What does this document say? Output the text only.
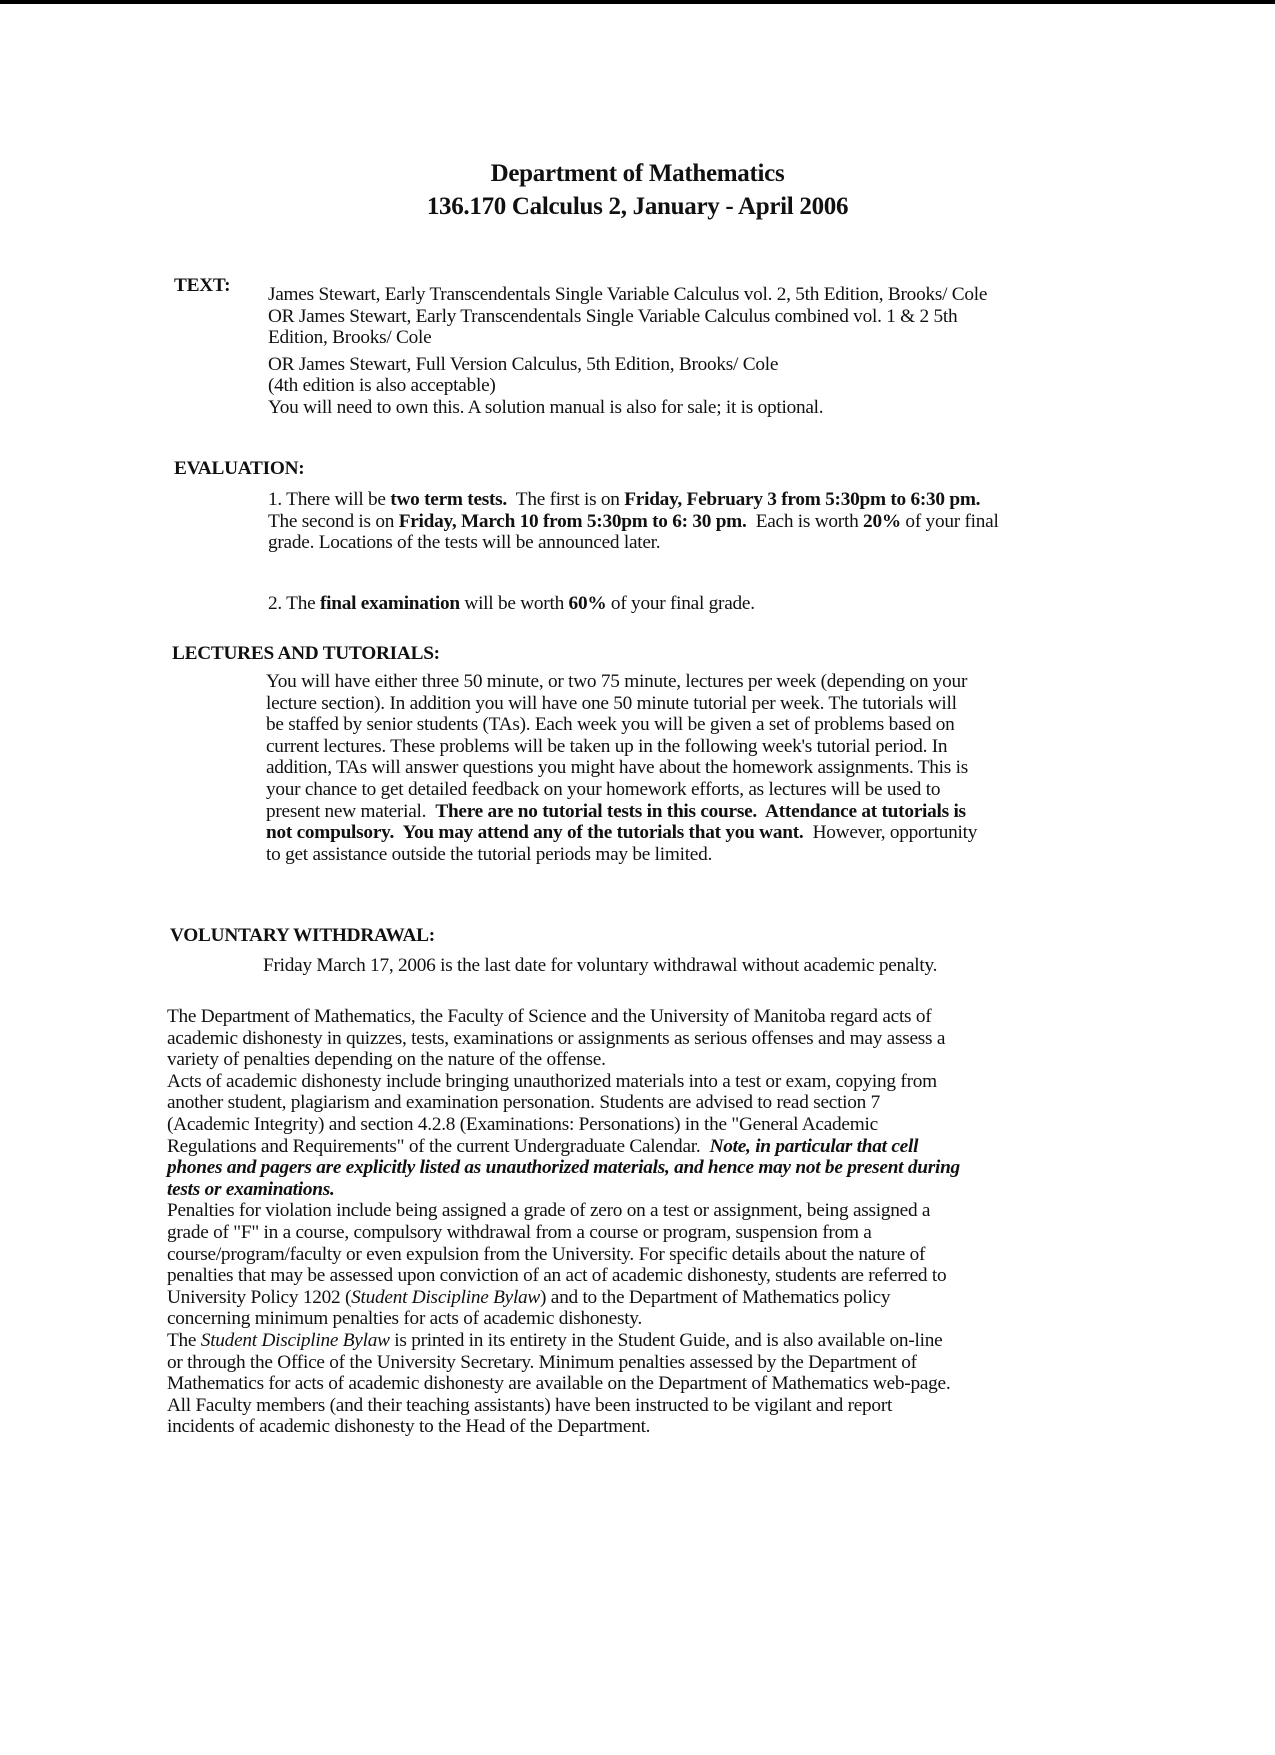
Department of Mathematics
136.170 Calculus 2, January - April 2006
TEXT: James Stewart, Early Transcendentals Single Variable Calculus vol. 2, 5th Edition, Brooks/ Cole
OR James Stewart, Early Transcendentals Single Variable Calculus combined vol. 1 & 2 5th
Edition, Brooks/ Cole
OR James Stewart, Full Version Calculus, 5th Edition, Brooks/ Cole
(4th edition is also acceptable)
You will need to own this. A solution manual is also for sale; it is optional.
EVALUATION:
1. There will be two term tests.  The first is on Friday, February 3 from 5:30pm to 6:30 pm.
The second is on Friday, March 10 from 5:30pm to 6: 30 pm.  Each is worth 20% of your final
grade. Locations of the tests will be announced later.
2. The final examination will be worth 60% of your final grade.
LECTURES AND TUTORIALS:
You will have either three 50 minute, or two 75 minute, lectures per week (depending on your
lecture section). In addition you will have one 50 minute tutorial per week. The tutorials will
be staffed by senior students (TAs). Each week you will be given a set of problems based on
current lectures. These problems will be taken up in the following week's tutorial period. In
addition, TAs will answer questions you might have about the homework assignments. This is
your chance to get detailed feedback on your homework efforts, as lectures will be used to
present new material.  There are no tutorial tests in this course.  Attendance at tutorials is
not compulsory.  You may attend any of the tutorials that you want.  However, opportunity
to get assistance outside the tutorial periods may be limited.
VOLUNTARY WITHDRAWAL:
Friday March 17, 2006 is the last date for voluntary withdrawal without academic penalty.
The Department of Mathematics, the Faculty of Science and the University of Manitoba regard acts of
academic dishonesty in quizzes, tests, examinations or assignments as serious offenses and may assess a
variety of penalties depending on the nature of the offense.
Acts of academic dishonesty include bringing unauthorized materials into a test or exam, copying from
another student, plagiarism and examination personation. Students are advised to read section 7
(Academic Integrity) and section 4.2.8 (Examinations: Personations) in the "General Academic
Regulations and Requirements" of the current Undergraduate Calendar.  Note, in particular that cell
phones and pagers are explicitly listed as unauthorized materials, and hence may not be present during
tests or examinations.
Penalties for violation include being assigned a grade of zero on a test or assignment, being assigned a
grade of "F" in a course, compulsory withdrawal from a course or program, suspension from a
course/program/faculty or even expulsion from the University. For specific details about the nature of
penalties that may be assessed upon conviction of an act of academic dishonesty, students are referred to
University Policy 1202 (Student Discipline Bylaw) and to the Department of Mathematics policy
concerning minimum penalties for acts of academic dishonesty.
The Student Discipline Bylaw is printed in its entirety in the Student Guide, and is also available on-line
or through the Office of the University Secretary. Minimum penalties assessed by the Department of
Mathematics for acts of academic dishonesty are available on the Department of Mathematics web-page.
All Faculty members (and their teaching assistants) have been instructed to be vigilant and report
incidents of academic dishonesty to the Head of the Department.
